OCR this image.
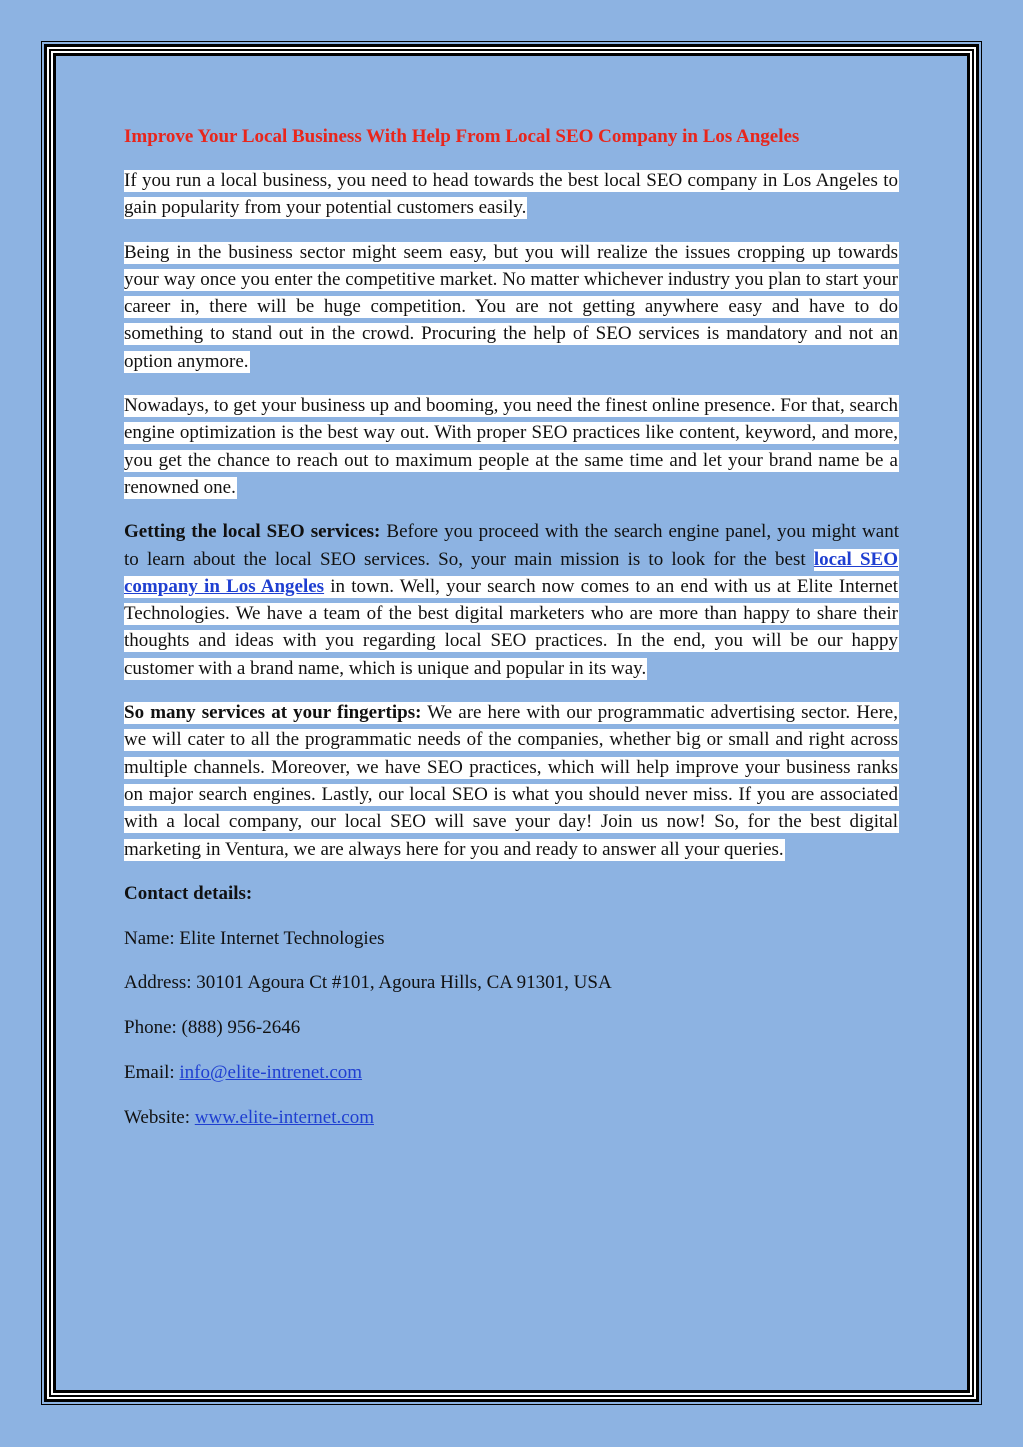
Improve Your Local Business With Help From Local SEO Company in Los Angeles

If you run a local business, you need to head towards the best local SEO company in Los Angeles to gain popularity from your potential customers easily.

Being in the business sector might seem easy, but you will realize the issues cropping up towards your way once you enter the competitive market. No matter whichever industry you plan to start your career in, there will be huge competition. You are not getting anywhere easy and have to do something to stand out in the crowd. Procuring the help of SEO services is mandatory and not an option anymore.

Nowadays, to get your business up and booming, you need the finest online presence. For that, search engine optimization is the best way out. With proper SEO practices like content, keyword, and more, you get the chance to reach out to maximum people at the same time and let your brand name be a renowned one.

Getting the local SEO services: Before you proceed with the search engine panel, you might want to learn about the local SEO services. So, your main mission is to look for the best local SEO company in Los Angeles in town. Well, your search now comes to an end with us at Elite Internet Technologies. We have a team of the best digital marketers who are more than happy to share their thoughts and ideas with you regarding local SEO practices. In the end, you will be our happy customer with a brand name, which is unique and popular in its way.

So many services at your fingertips: We are here with our programmatic advertising sector. Here, we will cater to all the programmatic needs of the companies, whether big or small and right across multiple channels. Moreover, we have SEO practices, which will help improve your business ranks on major search engines. Lastly, our local SEO is what you should never miss. If you are associated with a local company, our local SEO will save your day! Join us now! So, for the best digital marketing in Ventura, we are always here for you and ready to answer all your queries.

Contact details:

Name: Elite Internet Technologies

Address: 30101 Agoura Ct #101, Agoura Hills, CA 91301, USA

Phone: (888) 956-2646

Email: info@elite-intrenet.com

Website: www.elite-internet.com
